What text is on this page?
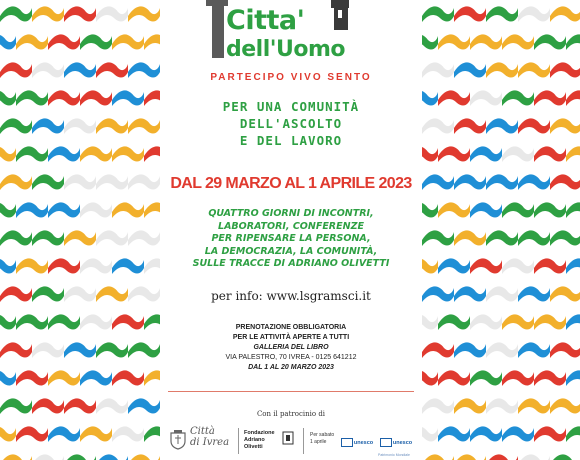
Citta'
dell'Uomo
PARTECIPO VIVO SENTO
PER UNA COMUNITÀ
DELL'ASCOLTO
E DEL LAVORO
DAL 29 MARZO AL 1 APRILE 2023
QUATTRO GIORNI DI INCONTRI,
LABORATORI, CONFERENZE
PER RIPENSARE LA PERSONA,
LA DEMOCRAZIA, LA COMUNITÀ,
SULLE TRACCE DI ADRIANO OLIVETTI
per info: www.lsgramsci.it
PRENOTAZIONE OBBLIGATORIA
PER LE ATTIVITÀ APERTE A TUTTI
GALLERIA DEL LIBRO
VIA PALESTRO, 70 IVREA - 0125 641212
DAL 1 AL 20 MARZO 2023
Con il patrocinio di
Città
di Ivrea
Fondazione
Adriano
Olivetti
Per sabato
1 aprile	unesco	unesco
Patrimonio Mondiale
